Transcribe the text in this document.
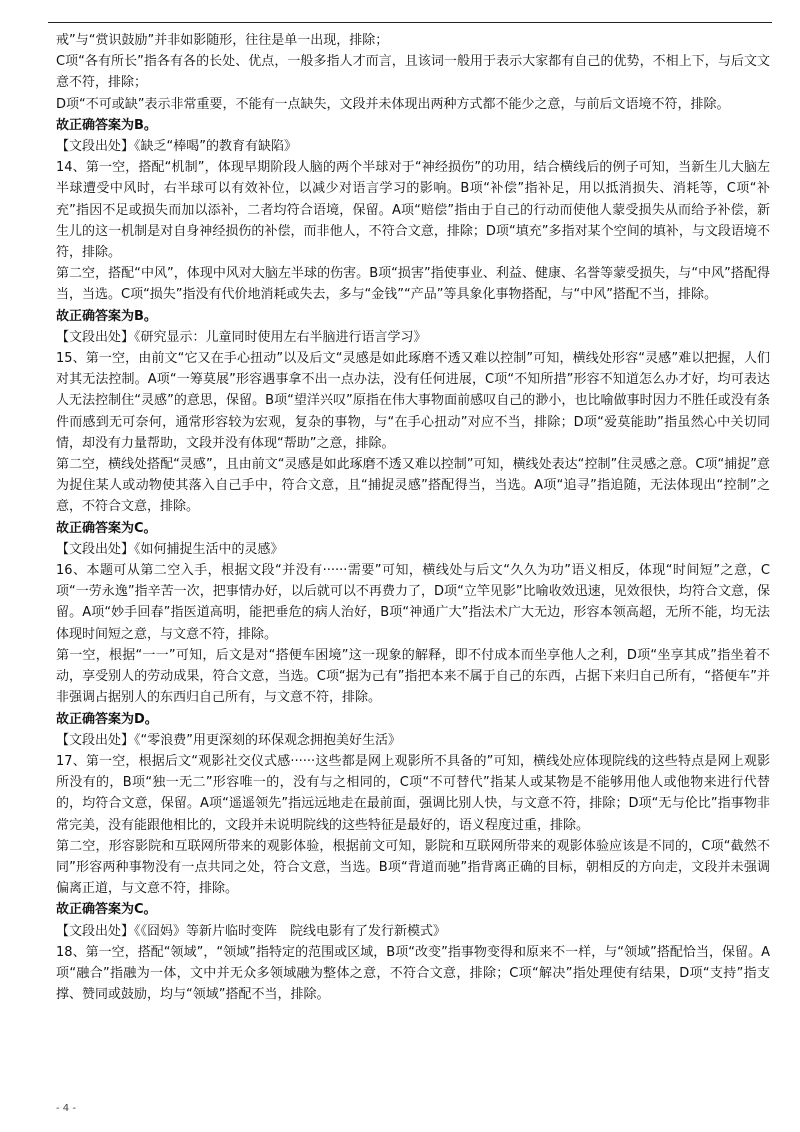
戒”与“赏识鼓励”并非如影随形，往往是单一出现，排除；

C项“各有所长”指各有各的长处、优点，一般多指人才而言，且该词一般用于表示大家都有自己的优势，不相上下，与后文文意不符，排除；

D项“不可或缺”表示非常重要，不能有一点缺失，文段并未体现出两种方式都不能少之意，与前后文语境不符，排除。

故正确答案为B。

【文段出处】《缺乏“棒喝”的教育有缺陷》

14、第一空，搭配“机制”，体现早期阶段人脑的两个半球对于“神经损伤”的功用，结合横线后的例子可知，当新生儿大脑左半球遭受中风时，右半球可以有效补位，以减少对语言学习的影响。B项“补偿”指补足，用以抵消损失、消耗等，C项“补充”指因不足或损失而加以添补，二者均符合语境，保留。A项“赔偿”指由于自己的行动而使他人蒙受损失从而给予补偿，新生儿的这一机制是对自身神经损伤的补偿，而非他人，不符合文意，排除；D项“填充”多指对某个空间的填补，与文段语境不符，排除。

第二空，搭配“中风”，体现中风对大脑左半球的伤害。B项“损害”指使事业、利益、健康、名誉等蒙受损失，与“中风”搭配得当，当选。C项“损失”指没有代价地消耗或失去，多与“金钱”“产品”等具象化事物搭配，与“中风”搭配不当，排除。

故正确答案为B。

【文段出处】《研究显示：儿童同时使用左右半脑进行语言学习》

15、第一空，由前文“它又在手心扭动”以及后文“灵感是如此琢磨不透又难以控制”可知，横线处形容“灵感”难以把握，人们对其无法控制。A项“一筹莫展”形容遇事拿不出一点办法，没有任何进展，C项“不知所措”形容不知道怎么办才好，均可表达人无法控制住“灵感”的意思，保留。B项“望洋兴叹”原指在伟大事物面前感叹自己的渺小，也比喻做事时因力不胜任或没有条件而感到无可奈何，通常形容较为宏观，复杂的事物，与“在手心扭动”对应不当，排除；D项“爱莫能助”指虽然心中关切同情，却没有力量帮助，文段并没有体现“帮助”之意，排除。

第二空，横线处搭配“灵感”，且由前文“灵感是如此琢磨不透又难以控制”可知，横线处表达“控制”住灵感之意。C项“捕捉”意为捉住某人或动物使其落入自己手中，符合文意，且“捕捉灵感”搭配得当，当选。A项“追寻”指追随，无法体现出“控制”之意，不符合文意，排除。

故正确答案为C。

【文段出处】《如何捕捉生活中的灵感》

16、本题可从第二空入手，根据文段“并没有······需要”可知，横线处与后文“久久为功”语义相反，体现“时间短”之意，C项“一劳永逸”指辛苦一次，把事情办好，以后就可以不再费力了，D项“立竿见影”比喻收效迅速，见效很快，均符合文意，保留。A项“妙手回春”指医道高明，能把垂危的病人治好，B项“神通广大”指法术广大无边，形容本领高超，无所不能，均无法体现时间短之意，与文意不符，排除。

第一空，根据“一一”可知，后文是对“搭便车困境”这一现象的解释，即不付成本而坐享他人之利，D项“坐享其成”指坐着不动，享受别人的劳动成果，符合文意，当选。C项“据为己有”指把本来不属于自己的东西，占据下来归自己所有，“搭便车”并非强调占据别人的东西归自己所有，与文意不符，排除。

故正确答案为D。

【文段出处】《“零浪费”用更深刻的环保观念拥抱美好生活》

17、第一空，根据后文“观影社交仪式感······这些都是网上观影所不具备的”可知，横线处应体现院线的这些特点是网上观影所没有的，B项“独一无二”形容唯一的，没有与之相同的，C项“不可替代”指某人或某物是不能够用他人或他物来进行代替的，均符合文意，保留。A项“遥遥领先”指远远地走在最前面，强调比别人快，与文意不符，排除；D项“无与伦比”指事物非常完美，没有能跟他相比的，文段并未说明院线的这些特征是最好的，语义程度过重，排除。

第二空，形容影院和互联网所带来的观影体验，根据前文可知，影院和互联网所带来的观影体验应该是不同的，C项“截然不同”形容两种事物没有一点共同之处，符合文意，当选。B项“背道而驰”指背离正确的目标，朝相反的方向走，文段并未强调偏离正道，与文意不符，排除。

故正确答案为C。

【文段出处】《《囧妈》等新片临时变阵　院线电影有了发行新模式》

18、第一空，搭配“领域”，“领域”指特定的范围或区域，B项“改变”指事物变得和原来不一样，与“领域”搭配恰当，保留。A项“融合”指融为一体，文中并无众多领域融为整体之意，不符合文意，排除；C项“解决”指处理使有结果，D项“支持”指支撑、赞同或鼓励，均与“领域”搭配不当，排除。

- 4 -
